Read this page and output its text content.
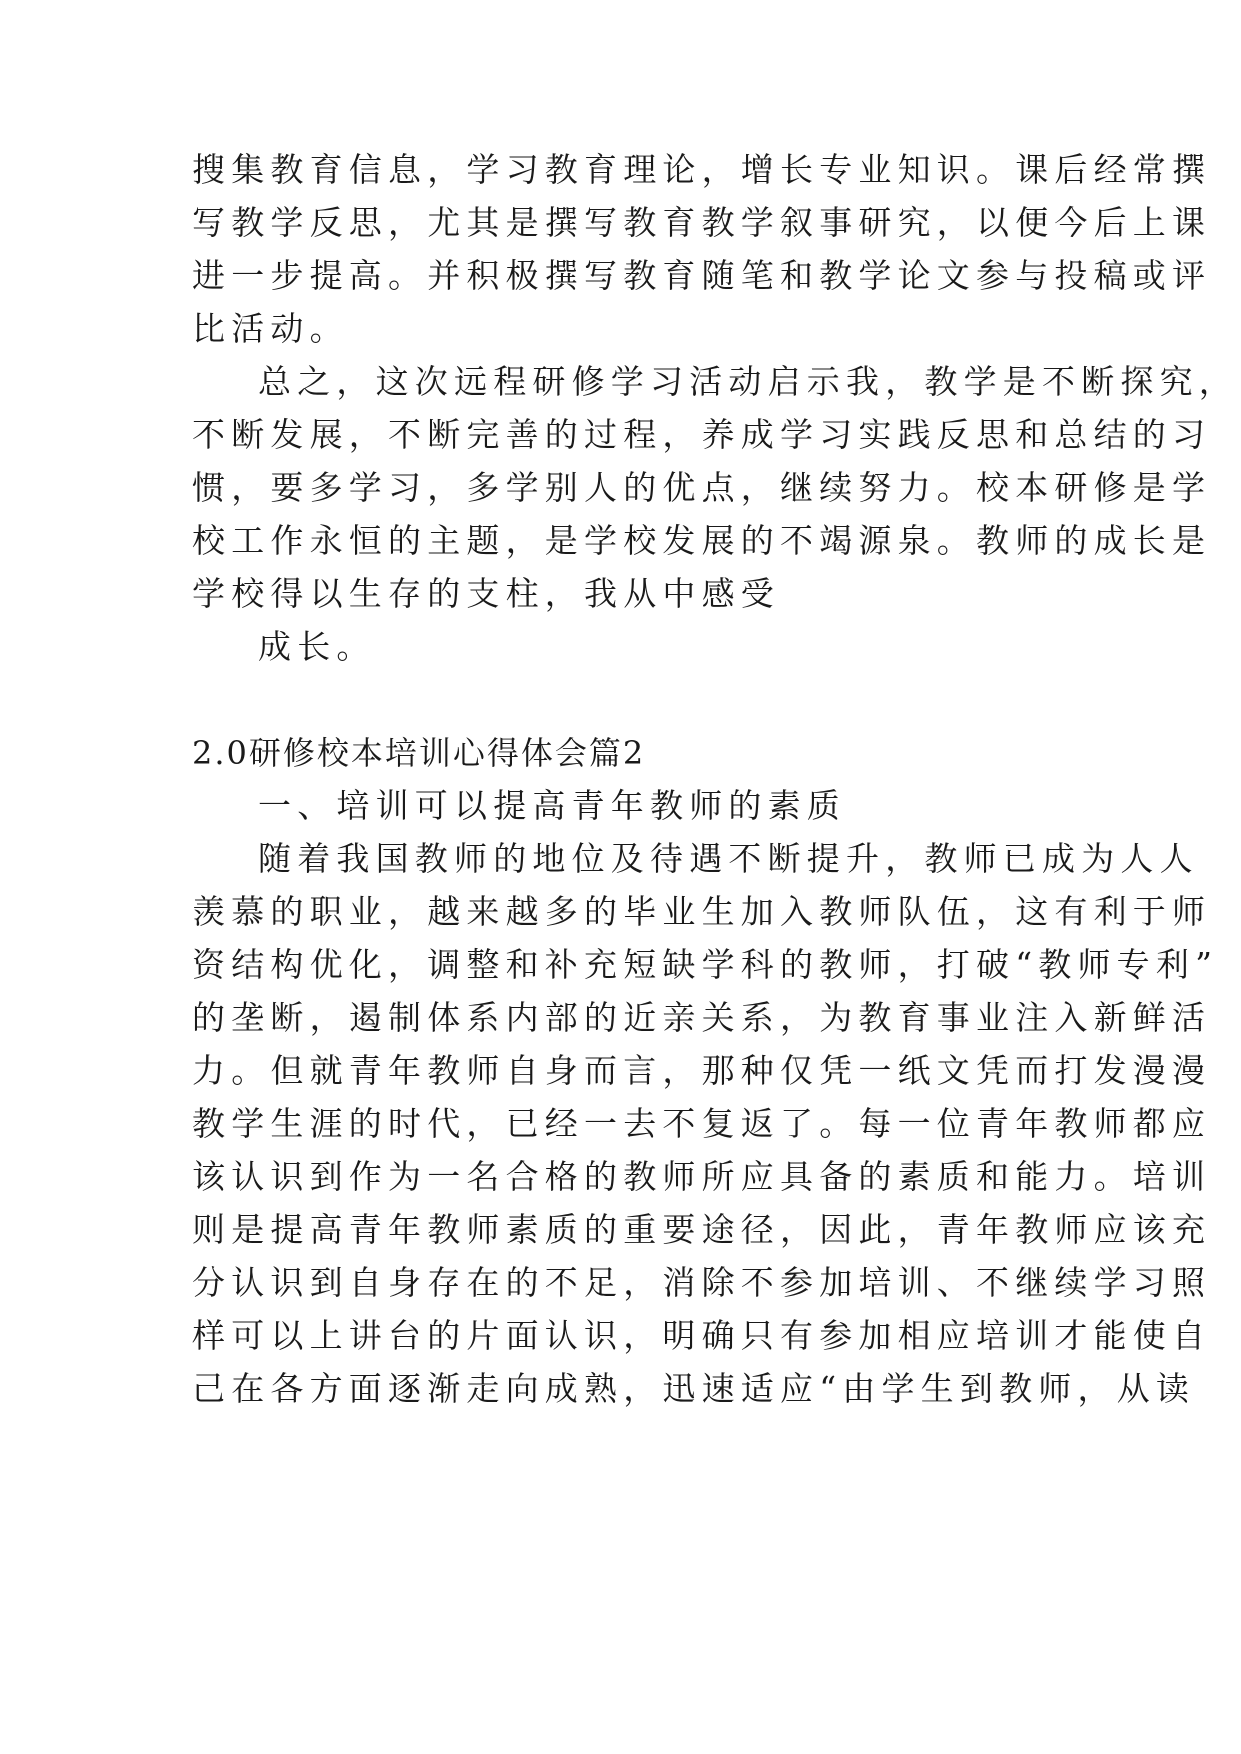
搜集教育信息，学习教育理论，增长专业知识。课后经常撰
写教学反思，尤其是撰写教育教学叙事研究，以便今后上课
进一步提高。并积极撰写教育随笔和教学论文参与投稿或评
比活动。
总之，这次远程研修学习活动启示我，教学是不断探究，
不断发展，不断完善的过程，养成学习实践反思和总结的习
惯，要多学习，多学别人的优点，继续努力。校本研修是学
校工作永恒的主题，是学校发展的不竭源泉。教师的成长是
学校得以生存的支柱，我从中感受
成长。
2.0研修校本培训心得体会篇2
一、培训可以提高青年教师的素质
随着我国教师的地位及待遇不断提升，教师已成为人人
羡慕的职业，越来越多的毕业生加入教师队伍，这有利于师
资结构优化，调整和补充短缺学科的教师，打破“教师专利”
的垄断，遏制体系内部的近亲关系，为教育事业注入新鲜活
力。但就青年教师自身而言，那种仅凭一纸文凭而打发漫漫
教学生涯的时代，已经一去不复返了。每一位青年教师都应
该认识到作为一名合格的教师所应具备的素质和能力。培训
则是提高青年教师素质的重要途径，因此，青年教师应该充
分认识到自身存在的不足，消除不参加培训、不继续学习照
样可以上讲台的片面认识，明确只有参加相应培训才能使自
己在各方面逐渐走向成熟，迅速适应“由学生到教师，从读
